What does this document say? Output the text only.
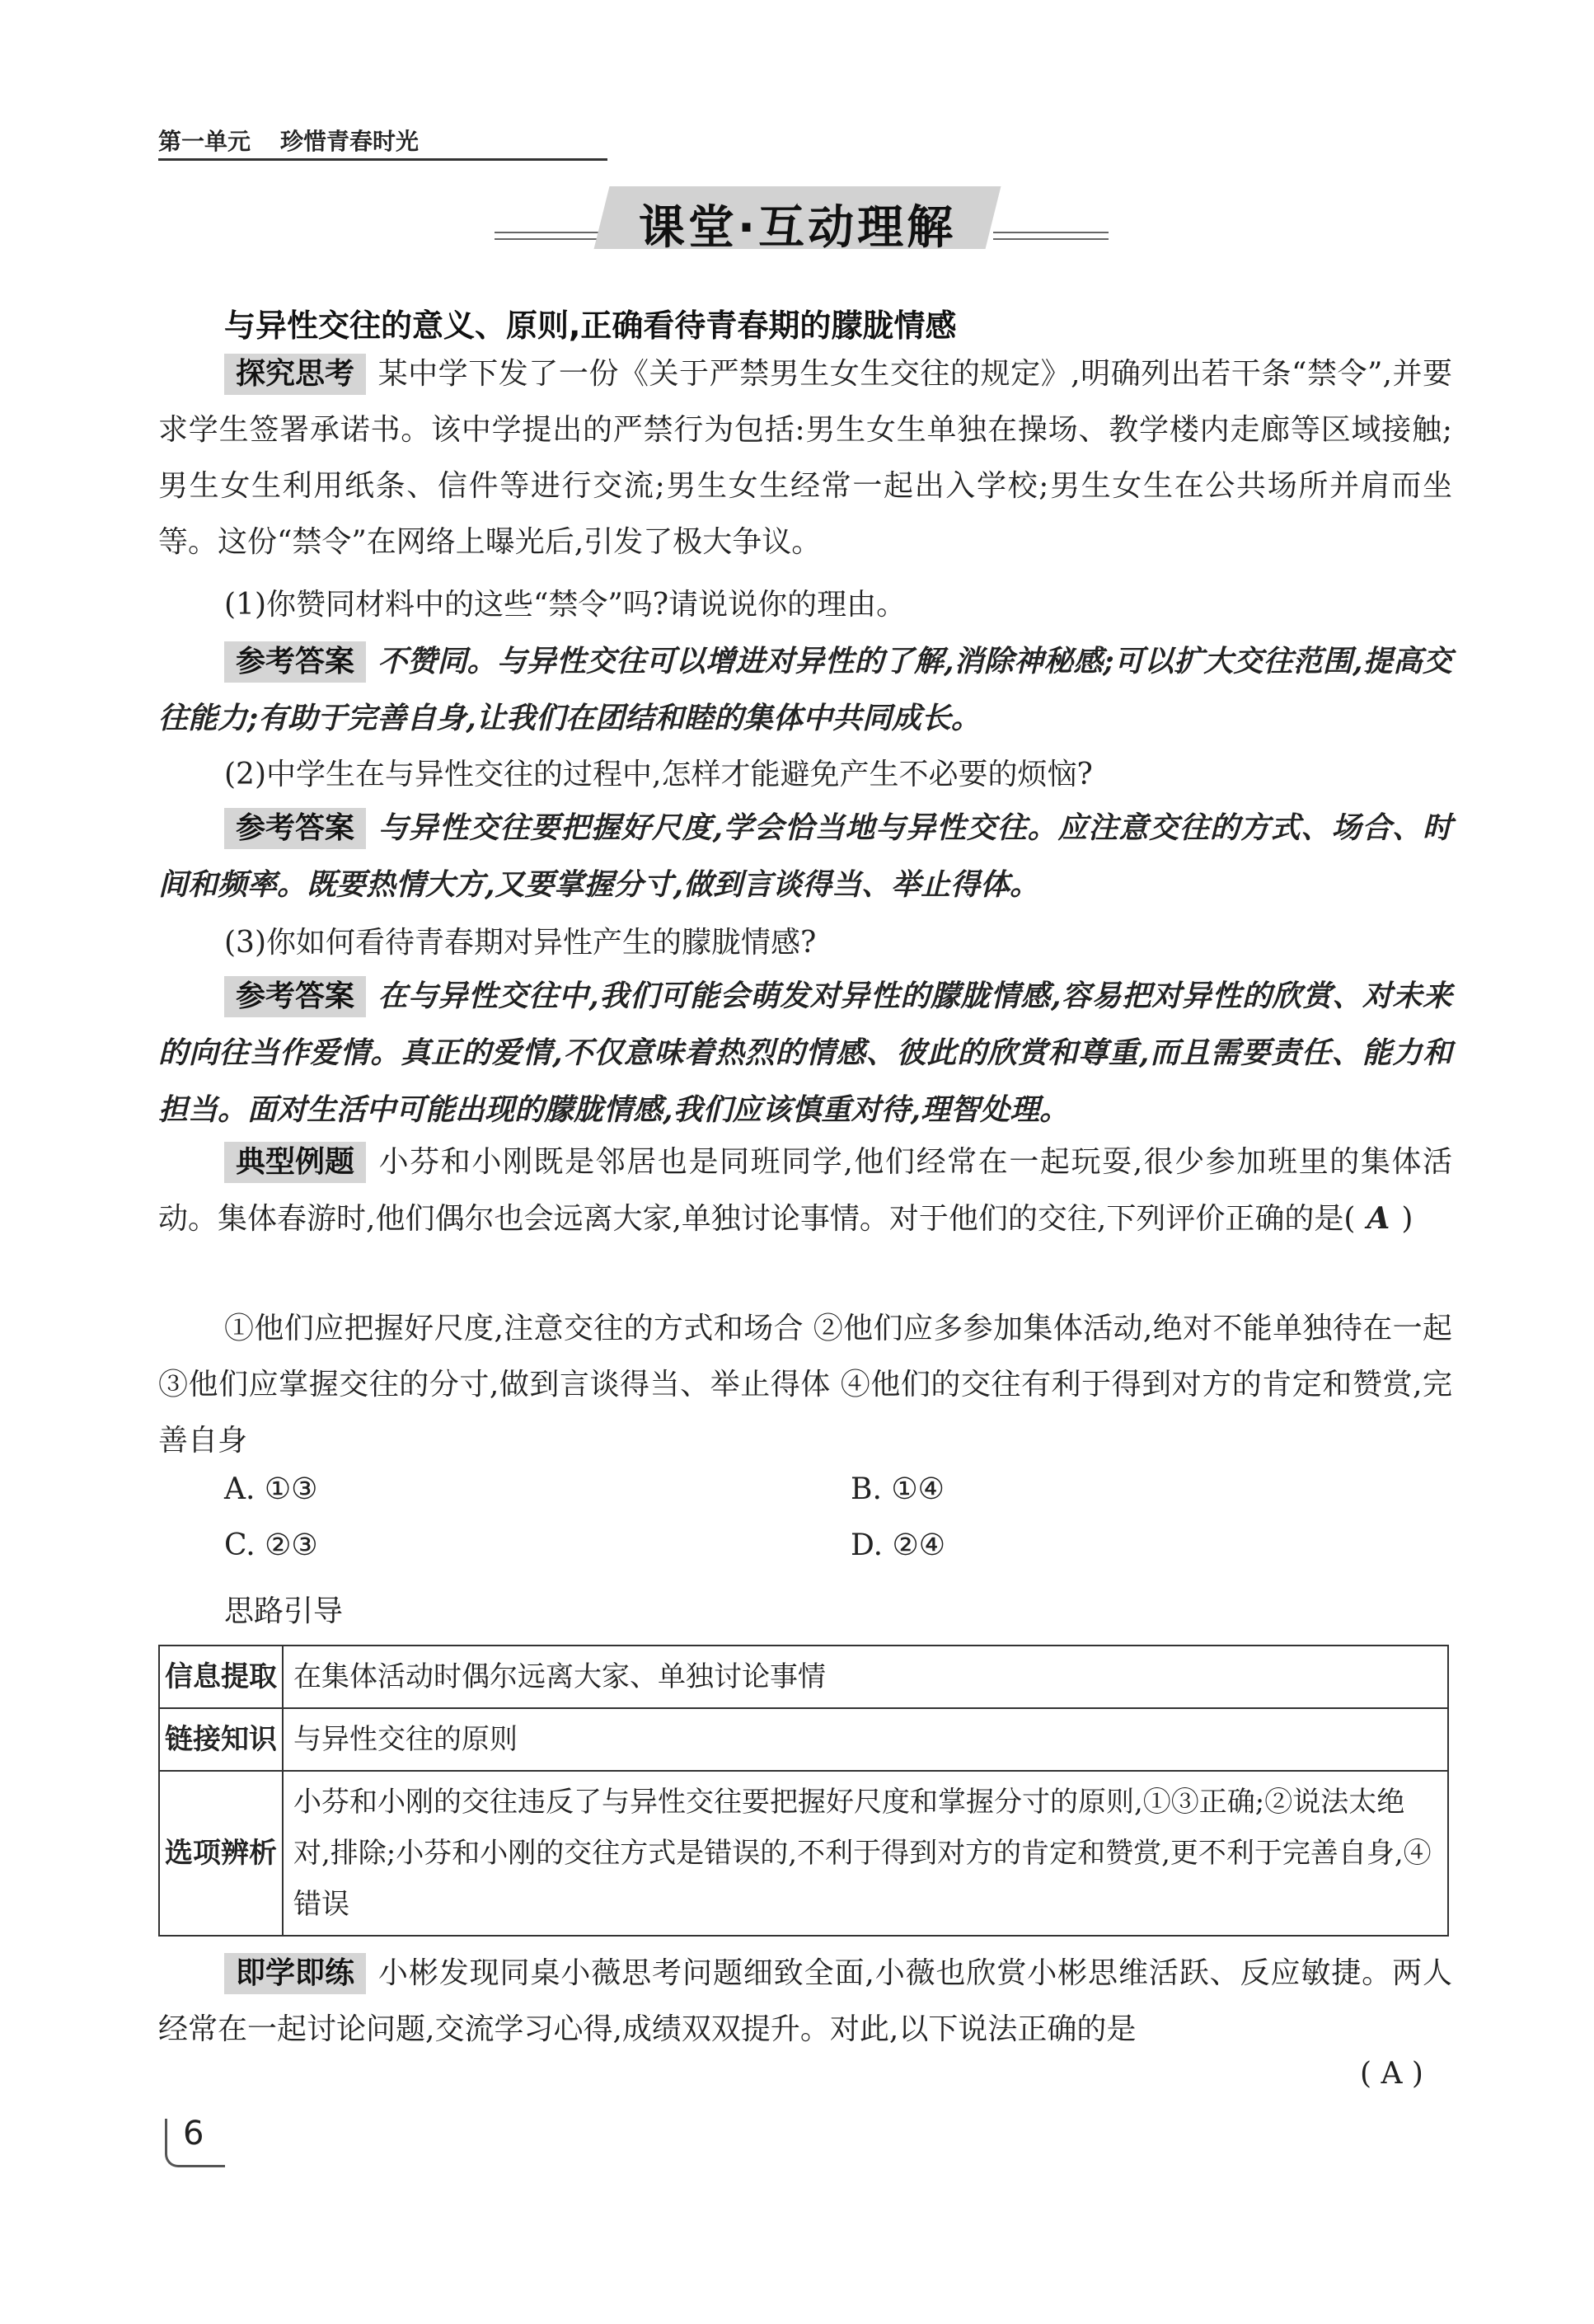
第一单元 珍惜青春时光
课堂·互动理解
与异性交往的意义、原则,正确看待青春期的朦胧情感
探究思考 某中学下发了一份《关于严禁男生女生交往的规定》,明确列出若干条“禁令”,并要求学生签署承诺书。该中学提出的严禁行为包括:男生女生单独在操场、教学楼内走廊等区域接触;男生女生利用纸条、信件等进行交流;男生女生经常一起出入学校;男生女生在公共场所并肩而坐等。这份“禁令”在网络上曝光后,引发了极大争议。
(1)你赞同材料中的这些“禁令”吗?请说说你的理由。
参考答案 不赞同。与异性交往可以增进对异性的了解,消除神秘感;可以扩大交往范围,提高交往能力;有助于完善自身,让我们在团结和睦的集体中共同成长。
(2)中学生在与异性交往的过程中,怎样才能避免产生不必要的烦恼?
参考答案 与异性交往要把握好尺度,学会恰当地与异性交往。应注意交往的方式、场合、时间和频率。既要热情大方,又要掌握分寸,做到言谈得当、举止得体。
(3)你如何看待青春期对异性产生的朦胧情感?
参考答案 在与异性交往中,我们可能会萌发对异性的朦胧情感,容易把对异性的欣赏、对未来的向往当作爱情。真正的爱情,不仅意味着热烈的情感、彼此的欣赏和尊重,而且需要责任、能力和担当。面对生活中可能出现的朦胧情感,我们应该慎重对待,理智处理。
典型例题 小芬和小刚既是邻居也是同班同学,他们经常在一起玩耍,很少参加班里的集体活动。集体春游时,他们偶尔也会远离大家,单独讨论事情。对于他们的交往,下列评价正确的是( A )
①他们应把握好尺度,注意交往的方式和场合 ②他们应多参加集体活动,绝对不能单独待在一起 ③他们应掌握交往的分寸,做到言谈得当、举止得体 ④他们的交往有利于得到对方的肯定和赞赏,完善自身
A. ①③	B. ①④
C. ②③	D. ②④
思路引导
信息提取	在集体活动时偶尔远离大家、单独讨论事情
链接知识	与异性交往的原则
选项辨析	小芬和小刚的交往违反了与异性交往要把握好尺度和掌握分寸的原则,①③正确;②说法太绝对,排除;小芬和小刚的交往方式是错误的,不利于得到对方的肯定和赞赏,更不利于完善自身,④错误
即学即练 小彬发现同桌小薇思考问题细致全面,小薇也欣赏小彬思维活跃、反应敏捷。两人经常在一起讨论问题,交流学习心得,成绩双双提升。对此,以下说法正确的是
( A )
6
